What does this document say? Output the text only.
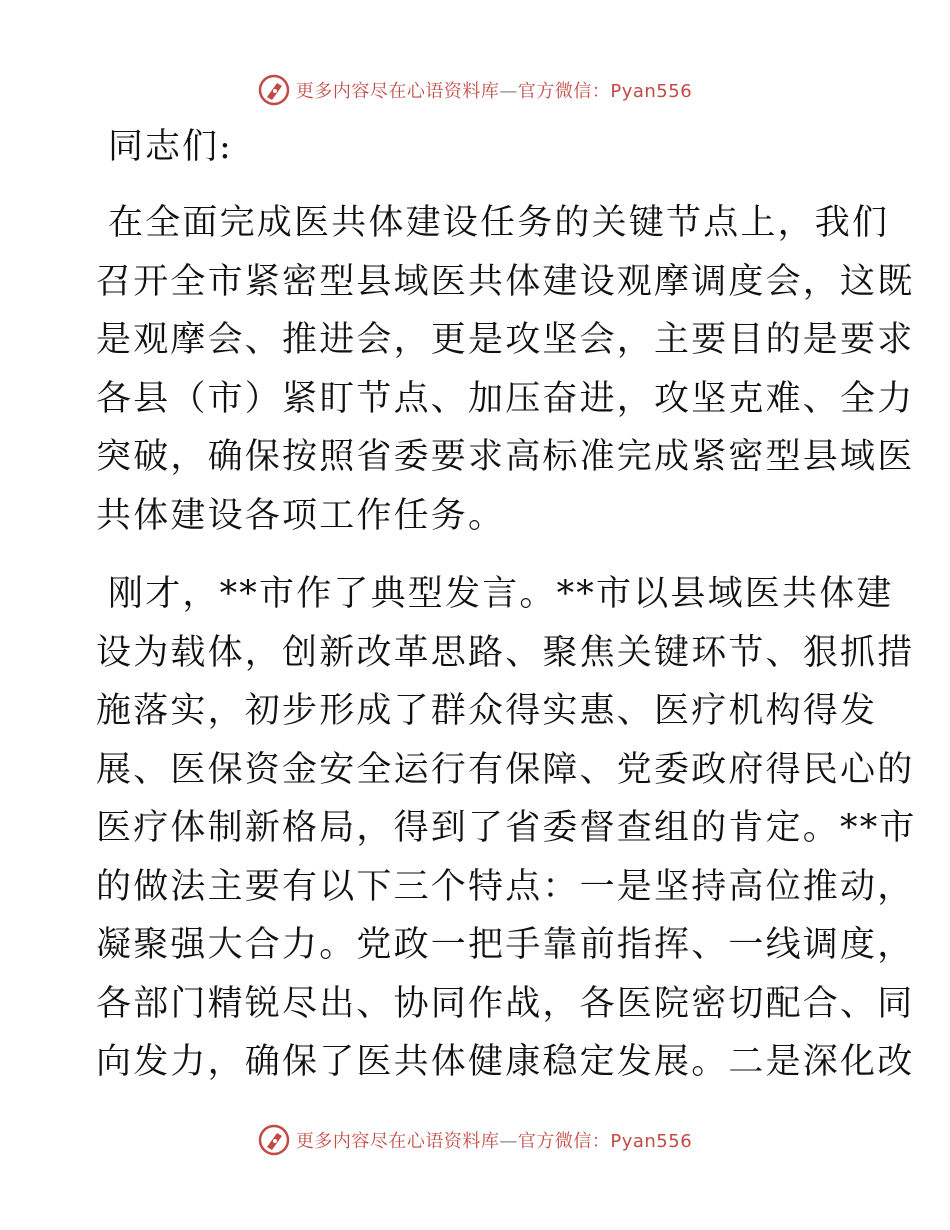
更多内容尽在心语资料库—官方微信：Pyan556
同志们:
在全面完成医共体建设任务的关键节点上，我们
召开全市紧密型县域医共体建设观摩调度会，这既
是观摩会、推进会，更是攻坚会，主要目的是要求
各县（市）紧盯节点、加压奋进，攻坚克难、全力
突破，确保按照省委要求高标准完成紧密型县域医
共体建设各项工作任务。
刚才，**市作了典型发言。**市以县域医共体建
设为载体，创新改革思路、聚焦关键环节、狠抓措
施落实，初步形成了群众得实惠、医疗机构得发
展、医保资金安全运行有保障、党委政府得民心的
医疗体制新格局，得到了省委督查组的肯定。**市
的做法主要有以下三个特点：一是坚持高位推动，
凝聚强大合力。党政一把手靠前指挥、一线调度，
各部门精锐尽出、协同作战，各医院密切配合、同
向发力，确保了医共体健康稳定发展。二是深化改
更多内容尽在心语资料库—官方微信：Pyan556
